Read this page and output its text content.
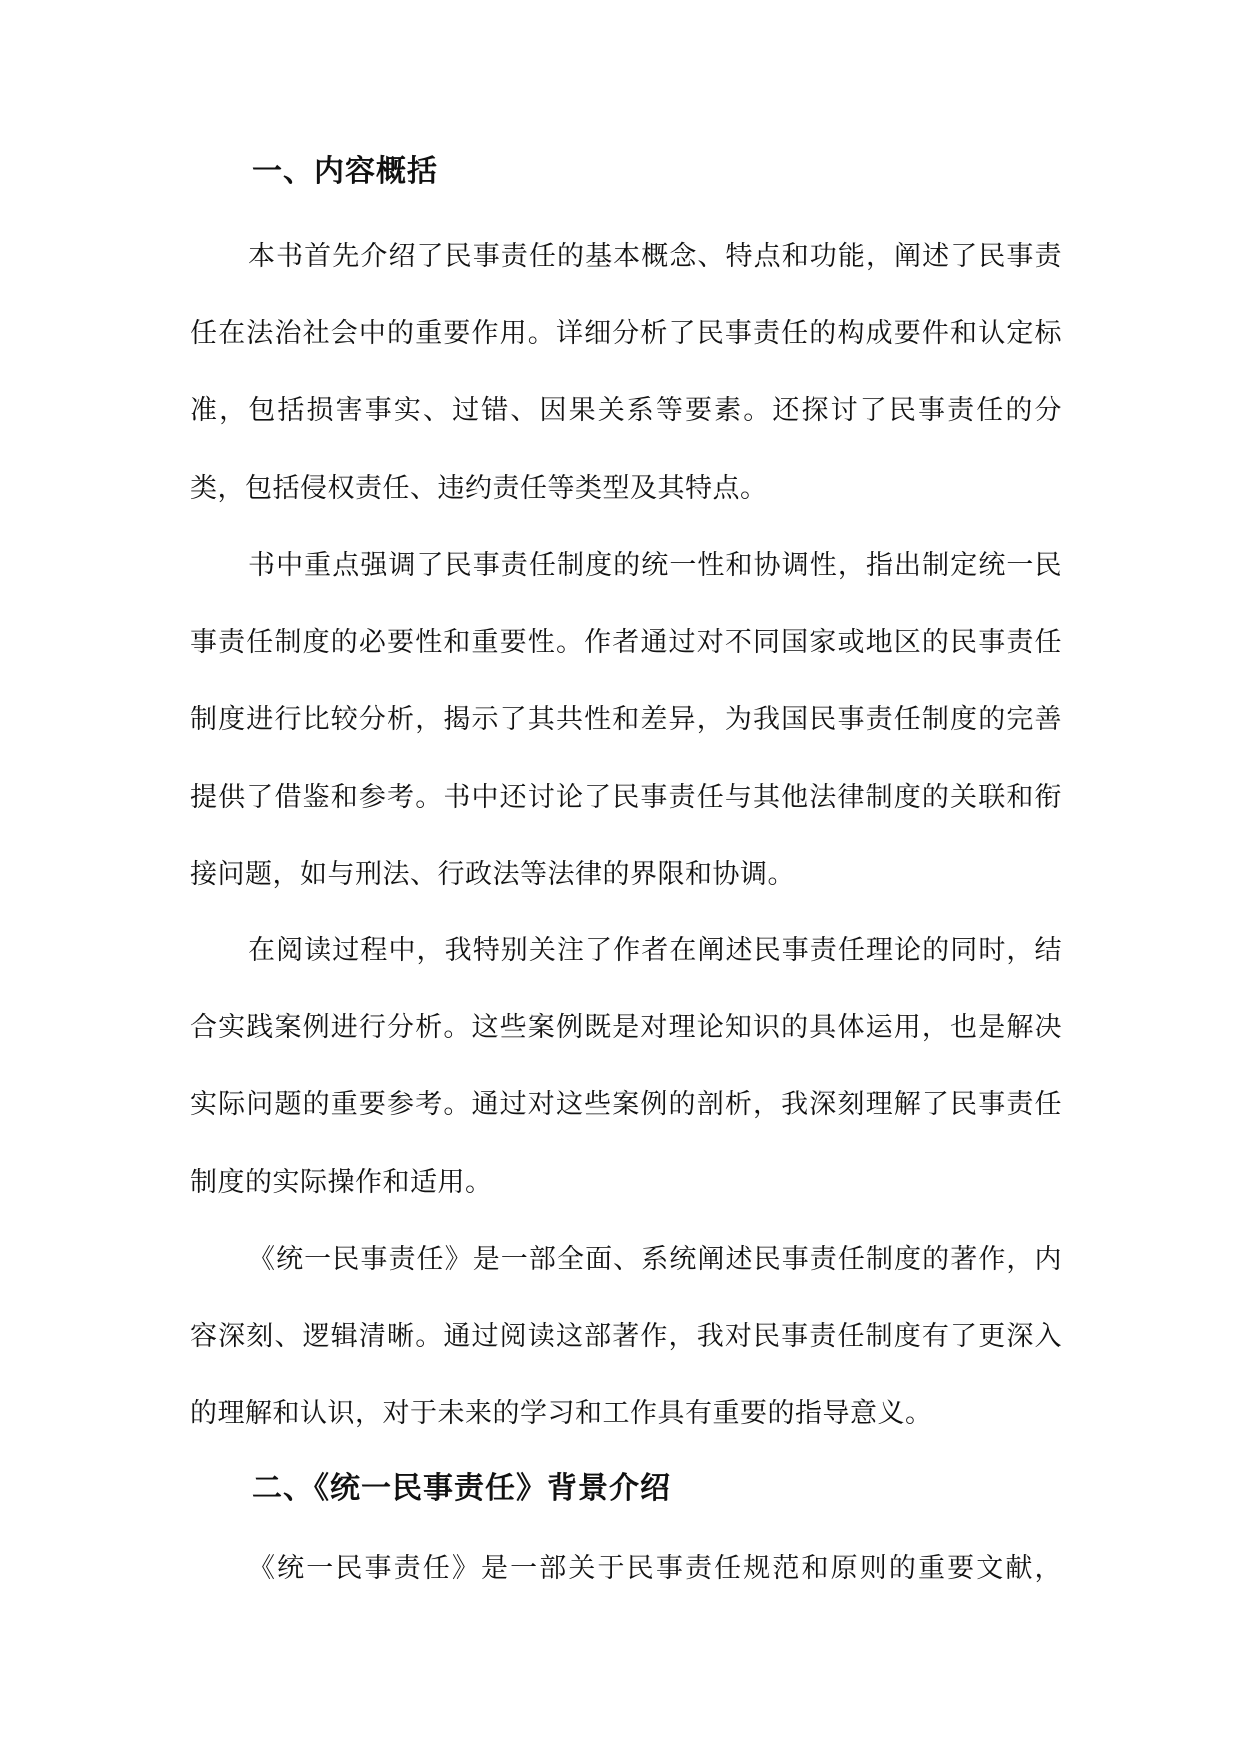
一、内容概括

本书首先介绍了民事责任的基本概念、特点和功能，阐述了民事责任在法治社会中的重要作用。详细分析了民事责任的构成要件和认定标准，包括损害事实、过错、因果关系等要素。还探讨了民事责任的分类，包括侵权责任、违约责任等类型及其特点。

书中重点强调了民事责任制度的统一性和协调性，指出制定统一民事责任制度的必要性和重要性。作者通过对不同国家或地区的民事责任制度进行比较分析，揭示了其共性和差异，为我国民事责任制度的完善提供了借鉴和参考。书中还讨论了民事责任与其他法律制度的关联和衔接问题，如与刑法、行政法等法律的界限和协调。

在阅读过程中，我特别关注了作者在阐述民事责任理论的同时，结合实践案例进行分析。这些案例既是对理论知识的具体运用，也是解决实际问题的重要参考。通过对这些案例的剖析，我深刻理解了民事责任制度的实际操作和适用。

《统一民事责任》是一部全面、系统阐述民事责任制度的著作，内容深刻、逻辑清晰。通过阅读这部著作，我对民事责任制度有了更深入的理解和认识，对于未来的学习和工作具有重要的指导意义。

二、《统一民事责任》背景介绍

《统一民事责任》是一部关于民事责任规范和原则的重要文献，
